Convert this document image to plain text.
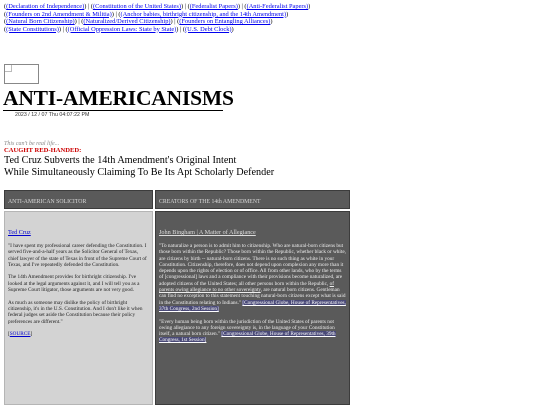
((Declaration of Independence)) | ((Constitution of the United States)) | ((Federalist Papers)) | ((Anti-Federalist Papers))
((Founders on 2nd Amendment & Militia)) | ((Anchor babies, birthright citizenship, and the 14th Amendment))
((Natural Born Citizenship)) | ((Naturalized/Derived Citizenship)) | ((Founders on Entangling Alliances))
((State Constitutions)) | ((Official Oppression Laws: State by State)) | ((U.S. Debt Clock))
ANTI-AMERICANISMS
2023 / 12 / 07 Thu 04:07:22 PM
This can't be real life...
CAUGHT RED-HANDED:
Ted Cruz Subverts the 14th Amendment's Original Intent
While Simultaneously Claiming To Be Its Apt Scholarly Defender
ANTI-AMERICAN SOLICITOR	CREATORS OF THE 14th AMENDMENT
Ted Cruz

"I have spent my professional career defending the Constitution. I served five-and-a-half years as the Solicitor General of Texas, chief lawyer of the state of Texas in front of the Supreme Court of Texas, and I've repeatedly defended the Constitution.

The 14th Amendment provides for birthright citizenship. I've looked at the legal arguments against it, and I will tell you as a Supreme Court litigator, those arguments are not very good.

As much as someone may dislike the policy of birthright citizenship, it's in the U.S. Constitution. And I don't like it when federal judges set aside the Constitution because their policy preferences are different."

[SOURCE]
John Bingham | A Matter of Allegiance

"To naturalize a person is to admit him to citizenship. Who are natural-born citizens but those born within the Republic? Those born within the Republic, whether black or white, are citizens by birth -- natural-born citizens. There is no such thing as white in your Constitution. Citizenship, therefore, does not depend upon complexion any more than it depends upon the rights of election or of office. All from other lands, who by the terms of [congressional] laws and a compliance with their provisions become naturalized, are adopted citizens of the United States; all other persons born within the Republic, of parents owing allegiance to no other sovereignty, are natural born citizens. Gentleman can find no exception to this statement touching natural-born citizens except what is said in the Constitution relating to Indians." [Congressional Globe, House of Representatives, 37th Congress, 2nd Session]

"Every human being born within the jurisdiction of the United States of parents not owing allegiance to any foreign sovereignty is, in the language of your Constitution itself, a natural born citizen." [Congressional Globe, House of Representatives, 39th Congress, 1st Session]
